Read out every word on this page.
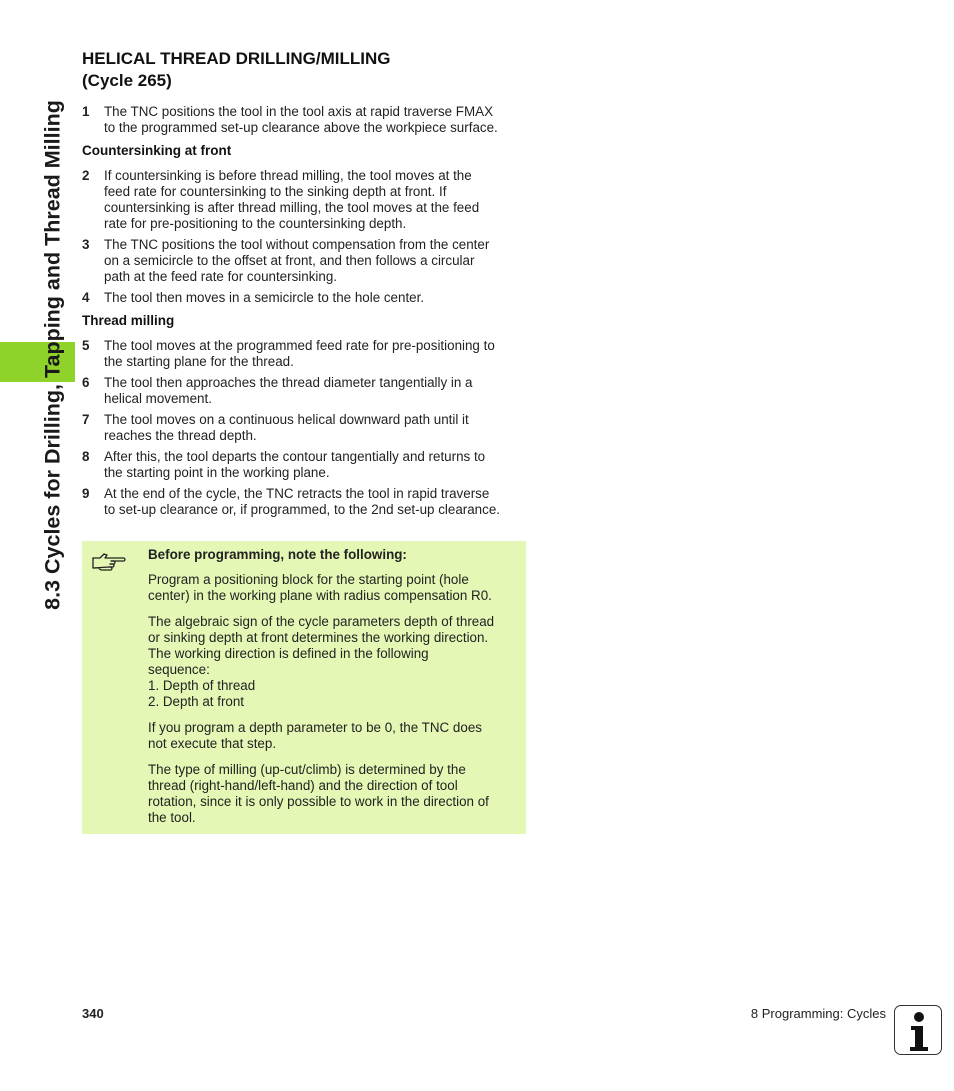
8.3 Cycles for Drilling, Tapping and Thread Milling
HELICAL THREAD DRILLING/MILLING
(Cycle 265)
1	The TNC positions the tool in the tool axis at rapid traverse FMAX
to the programmed set-up clearance above the workpiece surface.
Countersinking at front
2	If countersinking is before thread milling, the tool moves at the
feed rate for countersinking to the sinking depth at front. If
countersinking is after thread milling, the tool moves at the feed
rate for pre-positioning to the countersinking depth.
3	The TNC positions the tool without compensation from the center
on a semicircle to the offset at front, and then follows a circular
path at the feed rate for countersinking.
4	The tool then moves in a semicircle to the hole center.
Thread milling
5	The tool moves at the programmed feed rate for pre-positioning to
the starting plane for the thread.
6	The tool then approaches the thread diameter tangentially in a
helical movement.
7	The tool moves on a continuous helical downward path until it
reaches the thread depth.
8	After this, the tool departs the contour tangentially and returns to
the starting point in the working plane.
9	At the end of the cycle, the TNC retracts the tool in rapid traverse
to set-up clearance or, if programmed, to the 2nd set-up clearance.
Before programming, note the following:

Program a positioning block for the starting point (hole
center) in the working plane with radius compensation R0.

The algebraic sign of the cycle parameters depth of thread
or sinking depth at front determines the working direction.
The working direction is defined in the following
sequence:
1. Depth of thread
2. Depth at front

If you program a depth parameter to be 0, the TNC does
not execute that step.

The type of milling (up-cut/climb) is determined by the
thread (right-hand/left-hand) and the direction of tool
rotation, since it is only possible to work in the direction of
the tool.

340	8 Programming: Cycles
